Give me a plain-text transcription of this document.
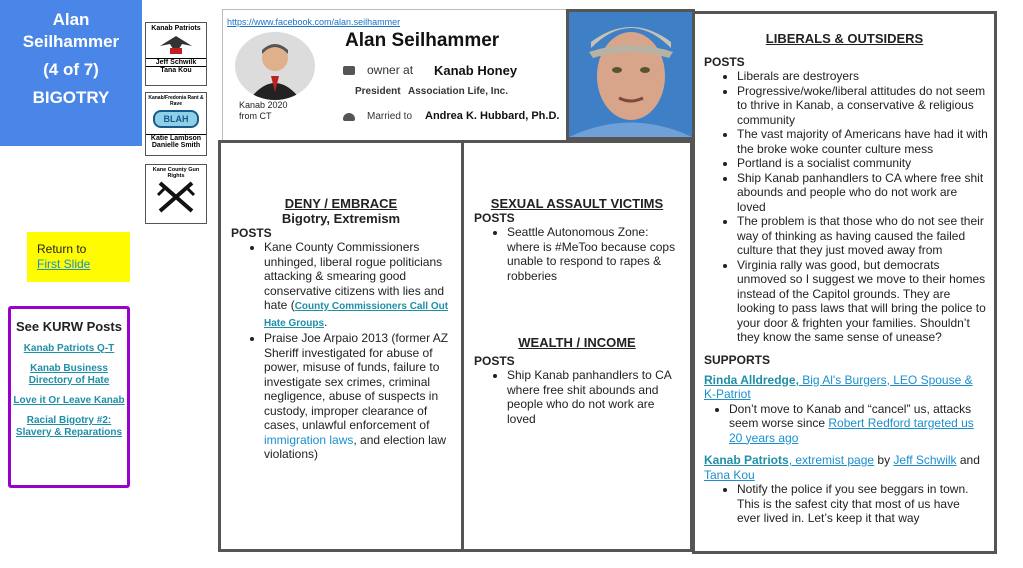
Alan
Seilhammer
(4 of 7)
BIGOTRY
Kanab Patriots
Jeff Schwilk
Tana Kou
Kanab/Fredonia Rant & Rave
BLAH
Katie Lambson
Danielle Smith
Kane County Gun Rights
Return to
First Slide
See KURW Posts
Kanab Patriots Q-T
Kanab Business Directory of Hate
Love it Or Leave Kanab
Racial Bigotry #2: Slavery & Reparations
https://www.facebook.com/alan.seilhammer
Alan Seilhammer
owner at Kanab Honey
President Association Life, Inc.
Married to Andrea K. Hubbard, Ph.D.
Kanab 2020
from CT
DENY / EMBRACE
Bigotry, Extremism
POSTS
• Kane County Commissioners unhinged, liberal rogue politicians attacking & smearing good conservative citizens with lies and hate (County Commissioners Call Out Hate Groups.
• Praise Joe Arpaio 2013 (former AZ Sheriff investigated for abuse of power, misuse of funds, failure to investigate sex crimes, criminal negligence, abuse of suspects in custody, improper clearance of cases, unlawful enforcement of immigration laws, and election law violations)
SEXUAL ASSAULT VICTIMS
POSTS
• Seattle Autonomous Zone: where is #MeToo because cops unable to respond to rapes & robberies
WEALTH / INCOME
POSTS
• Ship Kanab panhandlers to CA where free shit abounds and people who do not work are loved
LIBERALS & OUTSIDERS
POSTS
• Liberals are destroyers
• Progressive/woke/liberal attitudes do not seem to thrive in Kanab, a conservative & religious community
• The vast majority of Americans have had it with the broke woke counter culture mess
• Portland is a socialist community
• Ship Kanab panhandlers to CA where free shit abounds and people who do not work are loved
• The problem is that those who do not see their way of thinking as having caused the failed culture that they just moved away from
• Virginia rally was good, but democrats unmoved so I suggest we move to their homes instead of the Capitol grounds. They are looking to pass laws that will bring the police to your door & frighten your families. Shouldn’t they know the same sense of unease?
SUPPORTS
Rinda Alldredge, Big Al's Burgers, LEO Spouse & K-Patriot
• Don’t move to Kanab and “cancel” us, attacks seem worse since Robert Redford targeted us 20 years ago
Kanab Patriots, extremist page by Jeff Schwilk and Tana Kou
• Notify the police if you see beggars in town. This is the safest city that most of us have ever lived in. Let’s keep it that way
